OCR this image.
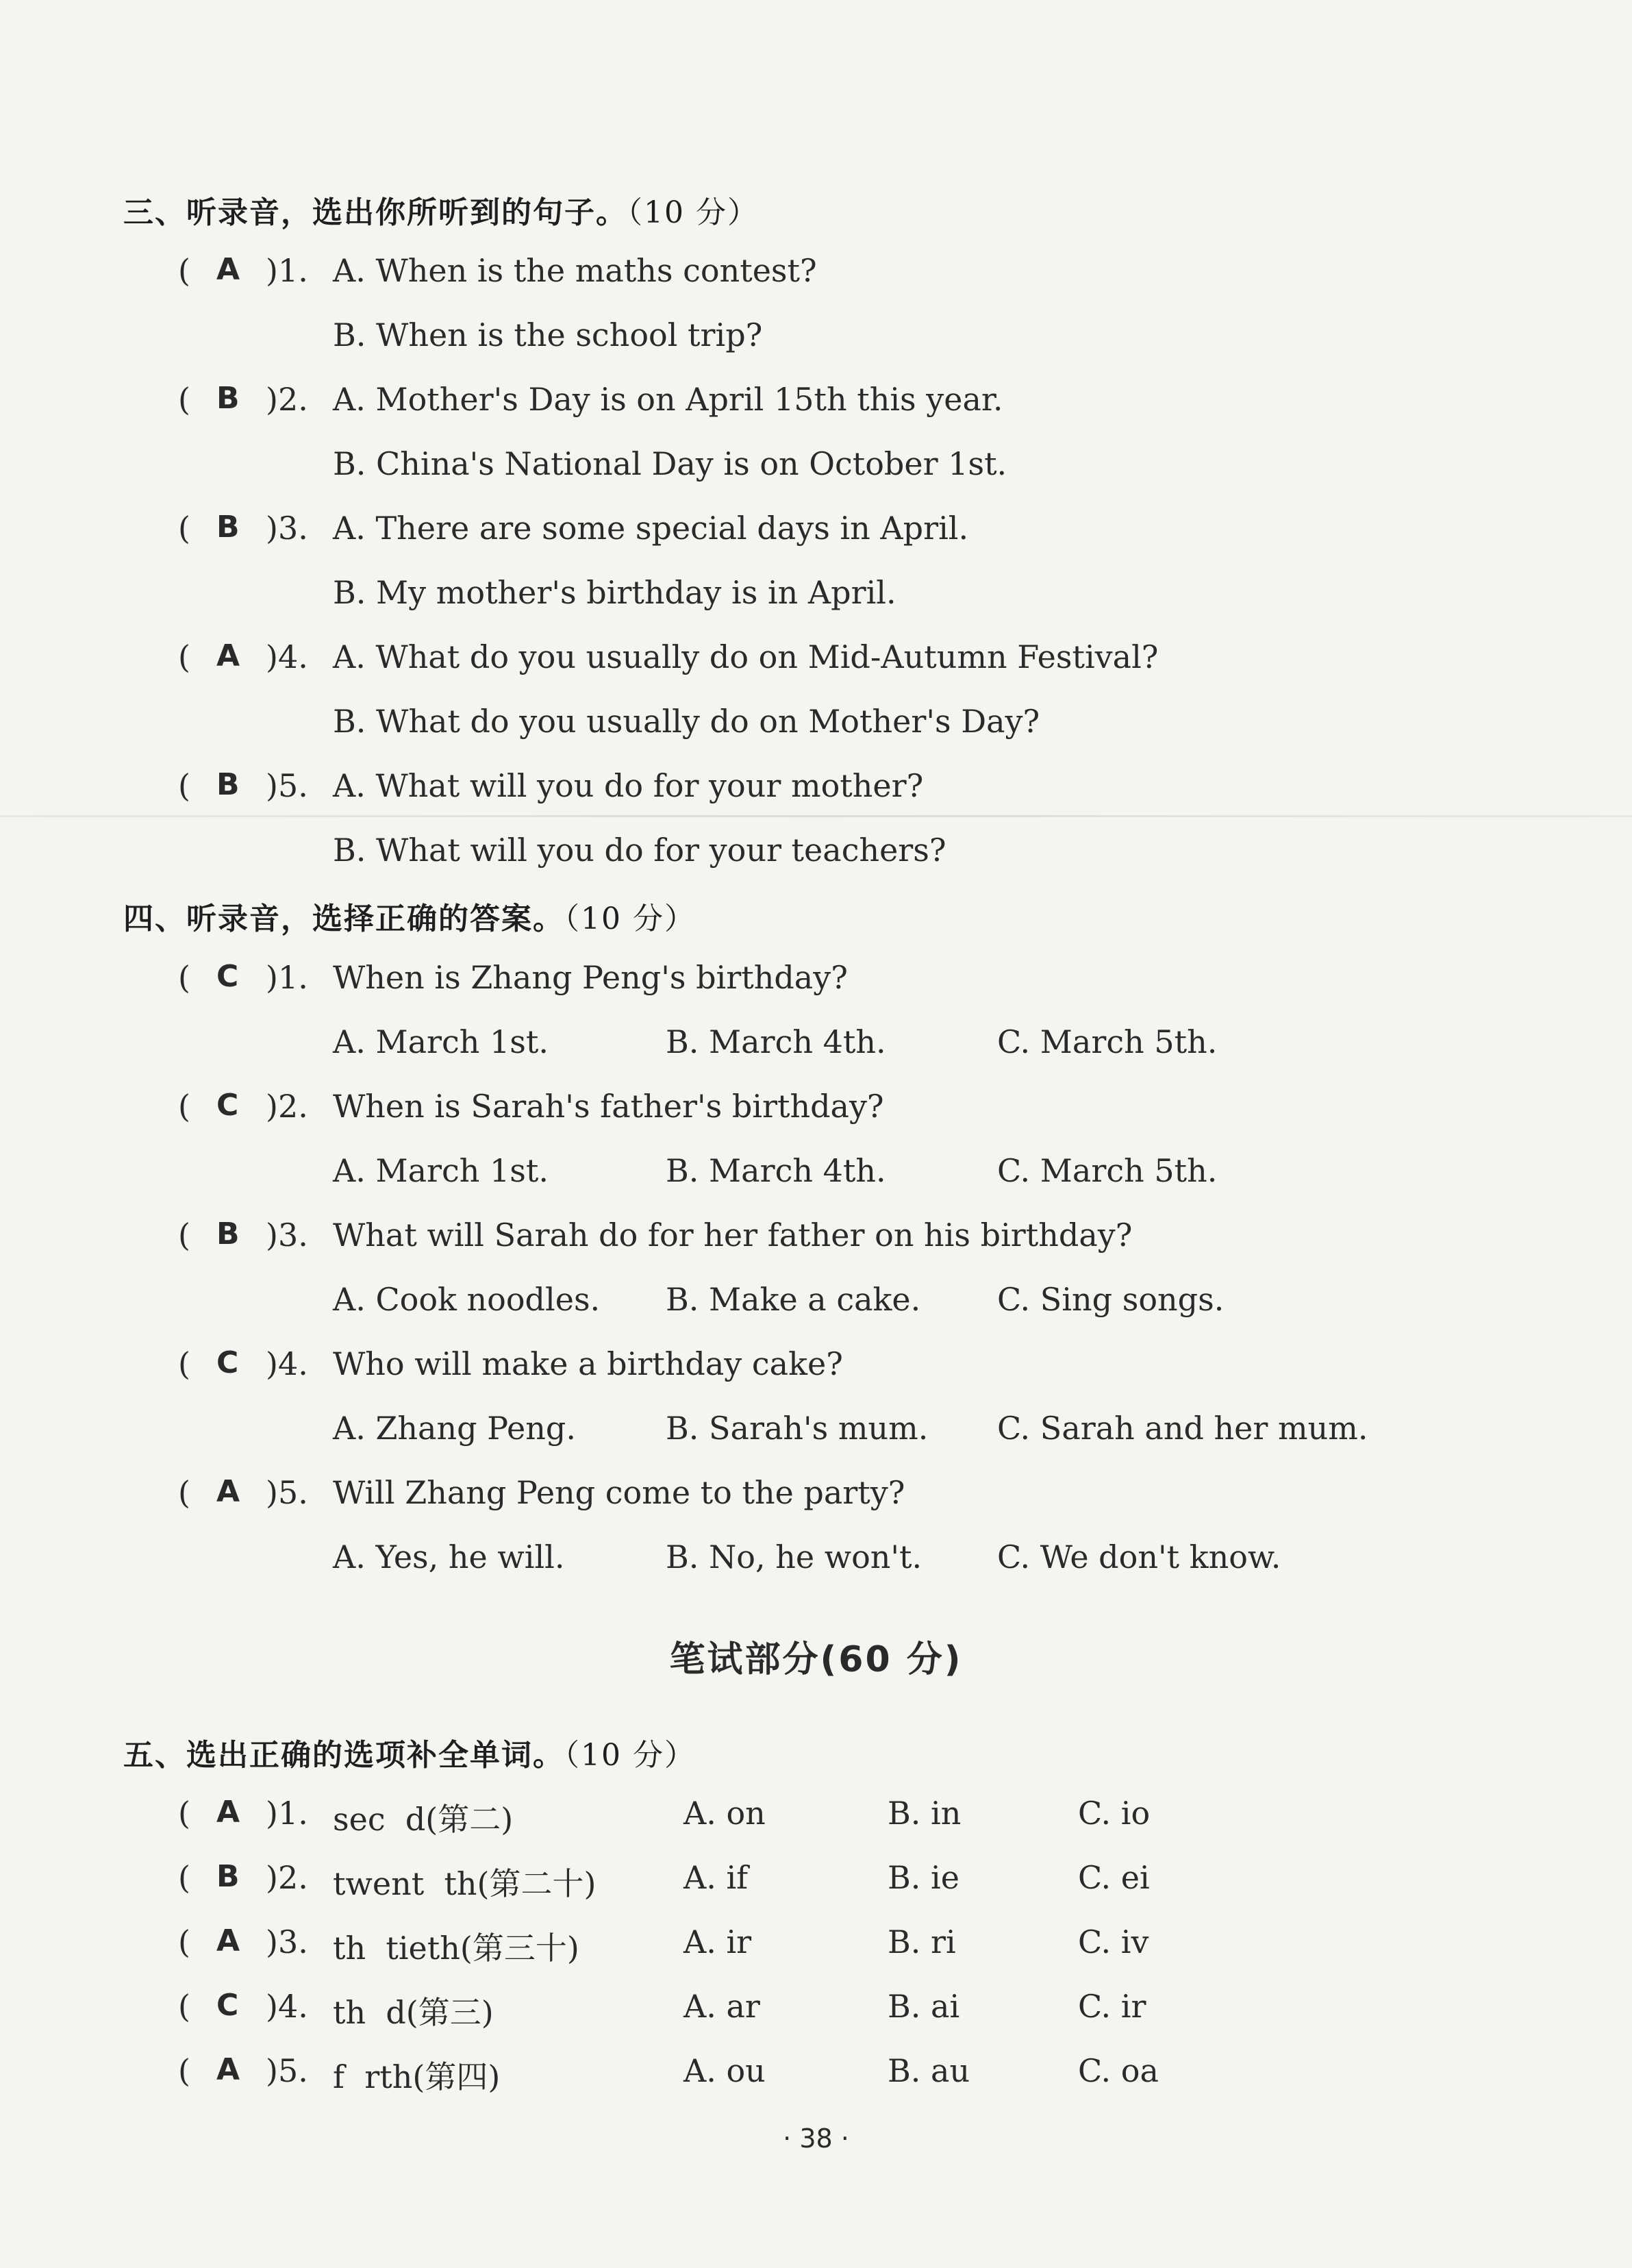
三、听录音，选出你所听到的句子。（10 分）
四、听录音，选择正确的答案。（10 分）
笔试部分(60 分)
五、选出正确的选项补全单词。（10 分）
· 38 ·
( A )1. A. When is the maths contest?
B. When is the school trip?
( B )2. A. Mother's Day is on April 15th this year.
B. China's National Day is on October 1st.
( B )3. A. There are some special days in April.
B. My mother's birthday is in April.
( A )4. A. What do you usually do on Mid-Autumn Festival?
B. What do you usually do on Mother's Day?
( B )5. A. What will you do for your mother?
B. What will you do for your teachers?
( C )1. When is Zhang Peng's birthday?
A. March 1st.	B. March 4th.	C. March 5th.
( C )2. When is Sarah's father's birthday?
A. March 1st.	B. March 4th.	C. March 5th.
( B )3. What will Sarah do for her father on his birthday?
A. Cook noodles. B. Make a cake. C. Sing songs.
( C )4. Who will make a birthday cake?
A. Zhang Peng.	B. Sarah's mum. C. Sarah and her mum.
( A )5. Will Zhang Peng come to the party?
A. Yes, he will.	B. No, he won't. C. We don't know.
( A )1. sec  d(第二)	A. on	B. in	C. io
( B )2. twent  th(第二十)	A. if	B. ie	C. ei
( A )3. th  tieth(第三十)	A. ir	B. ri	C. iv
( C )4. th  d(第三)	A. ar	B. ai	C. ir
( A )5. f  rth(第四)	A. ou	B. au	C. oa
